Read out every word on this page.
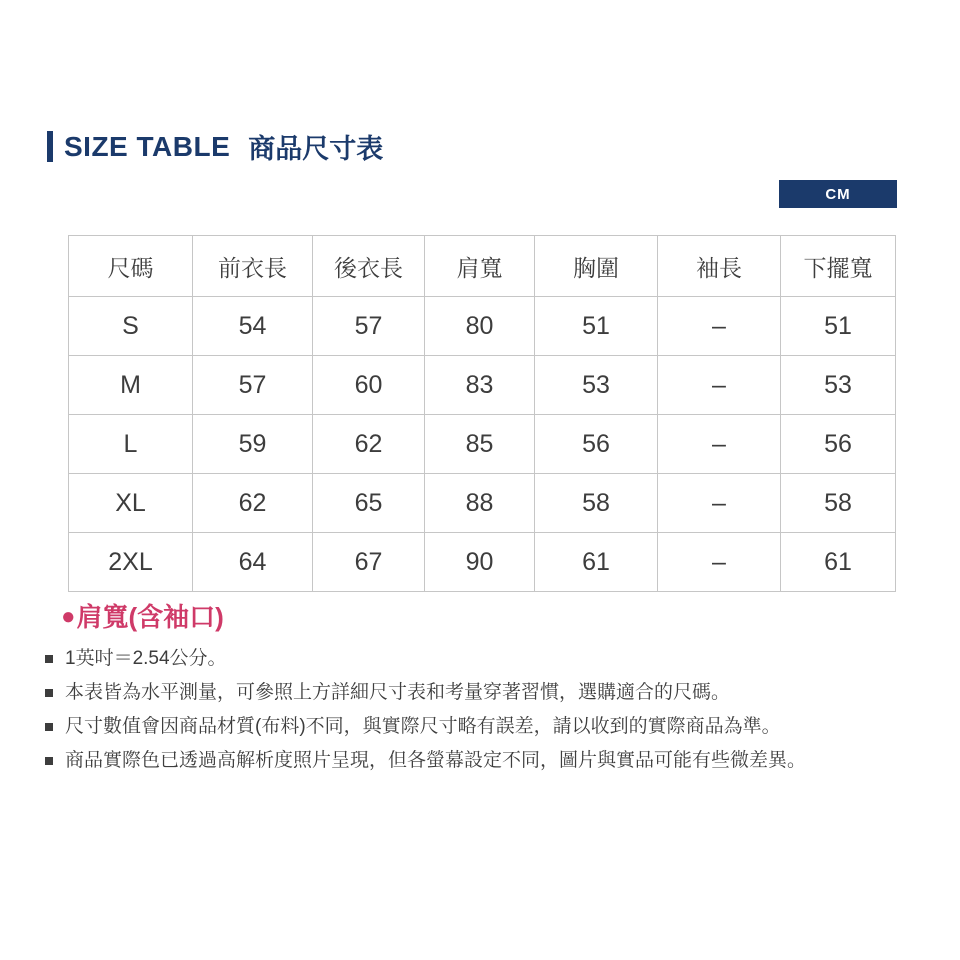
SIZE TABLE 商品尺寸表
CM
尺碼	前衣長	後衣長	肩寬	胸圍	袖長	下擺寬
S	54	57	80	51	–	51
M	57	60	83	53	–	53
L	59	62	85	56	–	56
XL	62	65	88	58	–	58
2XL	64	67	90	61	–	61
● 肩寬(含袖口)
1英吋＝2.54公分。
本表皆為水平測量，可參照上方詳細尺寸表和考量穿著習慣，選購適合的尺碼。
尺寸數值會因商品材質(布料)不同，與實際尺寸略有誤差，請以收到的實際商品為準。
商品實際色已透過高解析度照片呈現，但各螢幕設定不同，圖片與實品可能有些微差異。
